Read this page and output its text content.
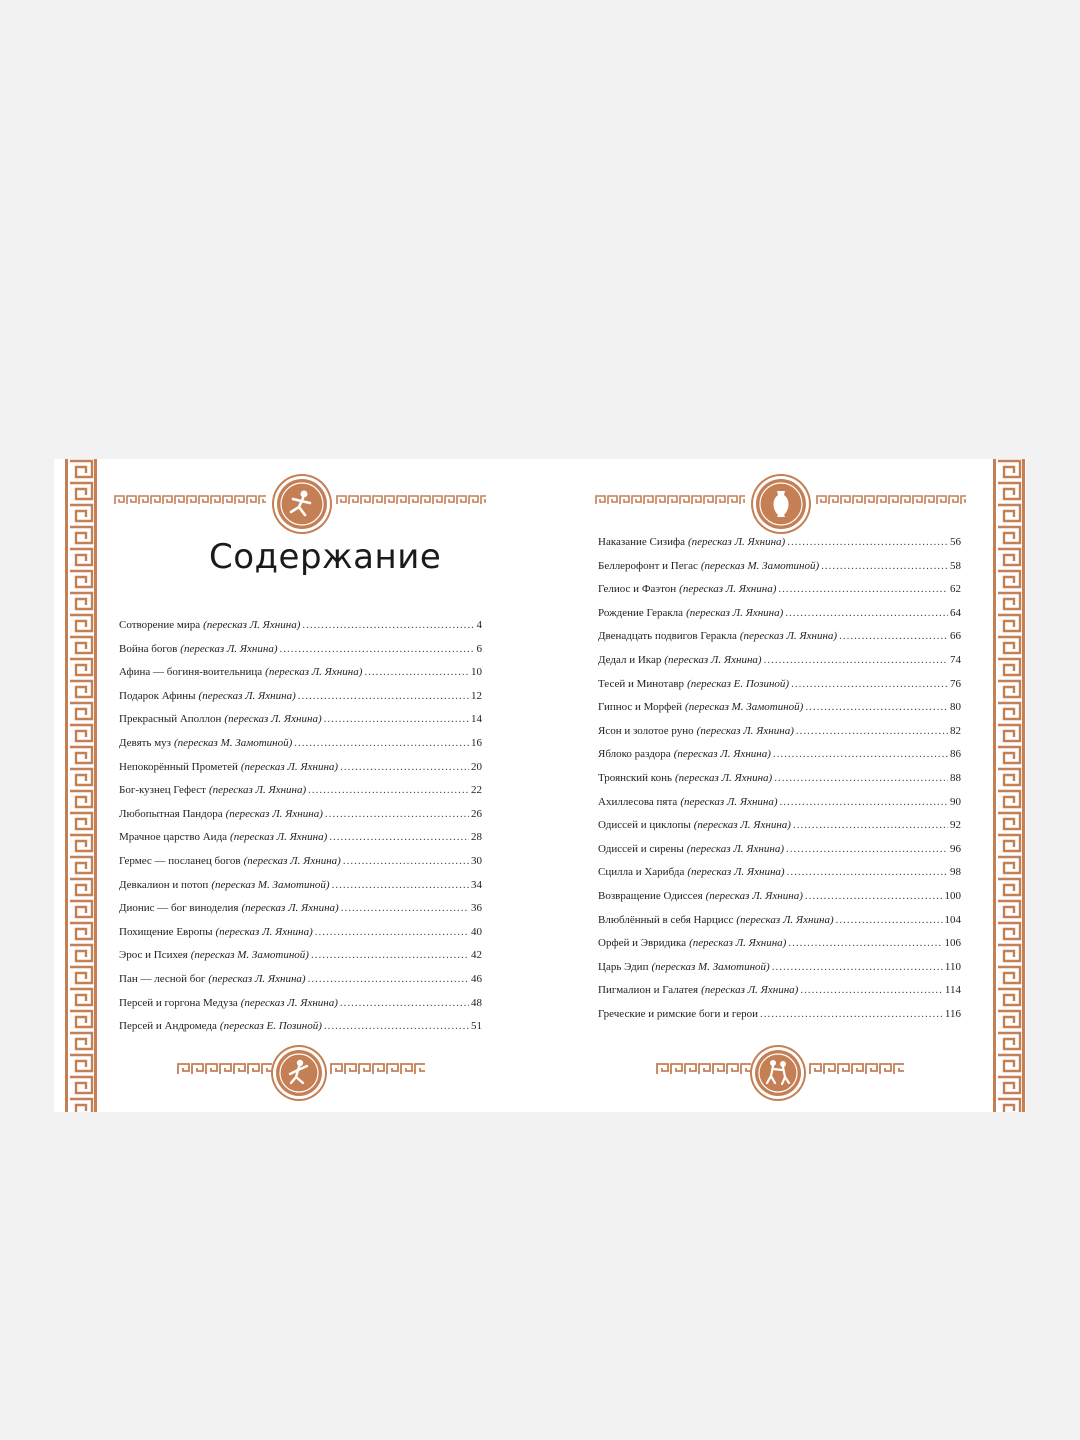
Содержание
Сотворение мира (пересказ Л. Яхнина) .....	4
Война богов (пересказ Л. Яхнина) .....	6
Афина — богиня-воительница (пересказ Л. Яхнина) .....	10
Подарок Афины (пересказ Л. Яхнина) .....	12
Прекрасный Аполлон (пересказ Л. Яхнина) .....	14
Девять муз (пересказ М. Замотиной) .....	16
Непокорённый Прометей (пересказ Л. Яхнина) .....	20
Бог-кузнец Гефест (пересказ Л. Яхнина) .....	22
Любопытная Пандора (пересказ Л. Яхнина) .....	26
Мрачное царство Аида (пересказ Л. Яхнина) .....	28
Гермес — посланец богов (пересказ Л. Яхнина) .....	30
Девкалион и потоп (пересказ М. Замотиной) .....	34
Дионис — бог виноделия (пересказ Л. Яхнина) .....	36
Похищение Европы (пересказ Л. Яхнина) .....	40
Эрос и Психея (пересказ М. Замотиной) .....	42
Пан — лесной бог (пересказ Л. Яхнина) .....	46
Персей и горгона Медуза (пересказ Л. Яхнина) .....	48
Персей и Андромеда (пересказ Е. Позиной) .....	51
Наказание Сизифа (пересказ Л. Яхнина) .....	56
Беллерофонт и Пегас (пересказ М. Замотиной) .....	58
Гелиос и Фаэтон (пересказ Л. Яхнина) .....	62
Рождение Геракла (пересказ Л. Яхнина) .....	64
Двенадцать подвигов Геракла (пересказ Л. Яхнина) .....	66
Дедал и Икар (пересказ Л. Яхнина) .....	74
Тесей и Минотавр (пересказ Е. Позиной) .....	76
Гипнос и Морфей (пересказ М. Замотиной) .....	80
Ясон и золотое руно (пересказ Л. Яхнина) .....	82
Яблоко раздора (пересказ Л. Яхнина) .....	86
Троянский конь (пересказ Л. Яхнина) .....	88
Ахиллесова пята (пересказ Л. Яхнина) .....	90
Одиссей и циклопы (пересказ Л. Яхнина) .....	92
Одиссей и сирены (пересказ Л. Яхнина) .....	96
Сцилла и Харибда (пересказ Л. Яхнина) .....	98
Возвращение Одиссея (пересказ Л. Яхнина) .....	100
Влюблённый в себя Нарцисс (пересказ Л. Яхнина) .....	104
Орфей и Эвридика (пересказ Л. Яхнина) .....	106
Царь Эдип (пересказ М. Замотиной) .....	110
Пигмалион и Галатея (пересказ Л. Яхнина) .....	114
Греческие и римские боги и герои .....	116
